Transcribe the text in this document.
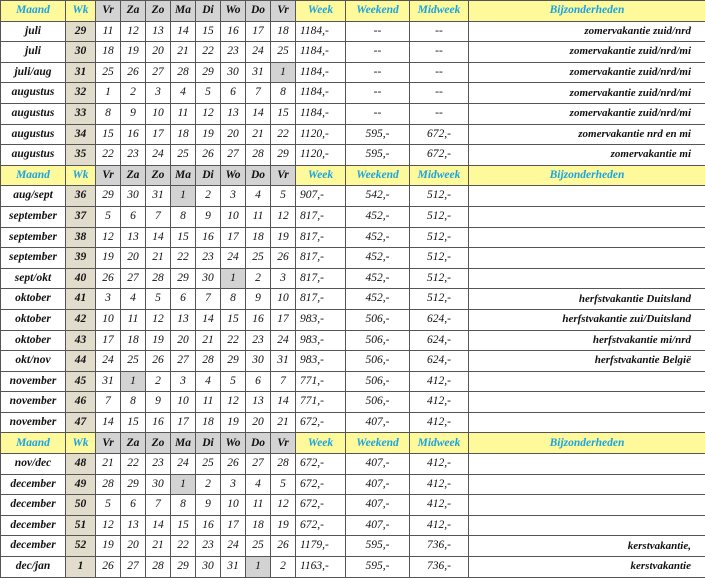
Maand	Wk	Vr	Za	Zo	Ma	Di	Wo	Do	Vr	Week	Weekend	Midweek	Bijzonderheden
juli	29	11	12	13	14	15	16	17	18	1184,-	--	--	zomervakantie zuid/nrd
juli	30	18	19	20	21	22	23	24	25	1184,-	--	--	zomervakantie zuid/nrd/mi
juli/aug	31	25	26	27	28	29	30	31	1	1184,-	--	--	zomervakantie zuid/nrd/mi
augustus	32	1	2	3	4	5	6	7	8	1184,-	--	--	zomervakantie zuid/nrd/mi
augustus	33	8	9	10	11	12	13	14	15	1184,-	--	--	zomervakantie zuid/nrd/mi
augustus	34	15	16	17	18	19	20	21	22	1120,-	595,-	672,-	zomervakantie nrd en mi
augustus	35	22	23	24	25	26	27	28	29	1120,-	595,-	672,-	zomervakantie mi
Maand	Wk	Vr	Za	Zo	Ma	Di	Wo	Do	Vr	Week	Weekend	Midweek	Bijzonderheden
aug/sept	36	29	30	31	1	2	3	4	5	907,-	542,-	512,-	
september	37	5	6	7	8	9	10	11	12	817,-	452,-	512,-	
september	38	12	13	14	15	16	17	18	19	817,-	452,-	512,-	
september	39	19	20	21	22	23	24	25	26	817,-	452,-	512,-	
sept/okt	40	26	27	28	29	30	1	2	3	817,-	452,-	512,-	
oktober	41	3	4	5	6	7	8	9	10	817,-	452,-	512,-	herfstvakantie Duitsland
oktober	42	10	11	12	13	14	15	16	17	983,-	506,-	624,-	herfstvakantie zui/Duitsland
oktober	43	17	18	19	20	21	22	23	24	983,-	506,-	624,-	herfstvakantie mi/nrd
okt/nov	44	24	25	26	27	28	29	30	31	983,-	506,-	624,-	herfstvakantie België
november	45	31	1	2	3	4	5	6	7	771,-	506,-	412,-	
november	46	7	8	9	10	11	12	13	14	771,-	506,-	412,-	
november	47	14	15	16	17	18	19	20	21	672,-	407,-	412,-	
Maand	Wk	Vr	Za	Zo	Ma	Di	Wo	Do	Vr	Week	Weekend	Midweek	Bijzonderheden
nov/dec	48	21	22	23	24	25	26	27	28	672,-	407,-	412,-	
december	49	28	29	30	1	2	3	4	5	672,-	407,-	412,-	
december	50	5	6	7	8	9	10	11	12	672,-	407,-	412,-	
december	51	12	13	14	15	16	17	18	19	672,-	407,-	412,-	
december	52	19	20	21	22	23	24	25	26	1179,-	595,-	736,-	kerstvakantie,
dec/jan	1	26	27	28	29	30	31	1	2	1163,-	595,-	736,-	kerstvakantie
